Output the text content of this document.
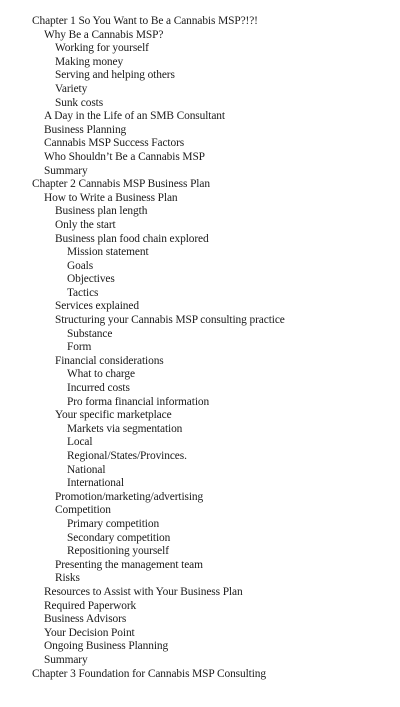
Chapter 1 So You Want to Be a Cannabis MSP?!?!
Why Be a Cannabis MSP?
Working for yourself
Making money
Serving and helping others
Variety
Sunk costs
A Day in the Life of an SMB Consultant
Business Planning
Cannabis MSP Success Factors
Who Shouldn’t Be a Cannabis MSP
Summary
Chapter 2 Cannabis MSP Business Plan
How to Write a Business Plan
Business plan length
Only the start
Business plan food chain explored
Mission statement
Goals
Objectives
Tactics
Services explained
Structuring your Cannabis MSP consulting practice
Substance
Form
Financial considerations
What to charge
Incurred costs
Pro forma financial information
Your specific marketplace
Markets via segmentation
Local
Regional/States/Provinces.
National
International
Promotion/marketing/advertising
Competition
Primary competition
Secondary competition
Repositioning yourself
Presenting the management team
Risks
Resources to Assist with Your Business Plan
Required Paperwork
Business Advisors
Your Decision Point
Ongoing Business Planning
Summary
Chapter 3 Foundation for Cannabis MSP Consulting
